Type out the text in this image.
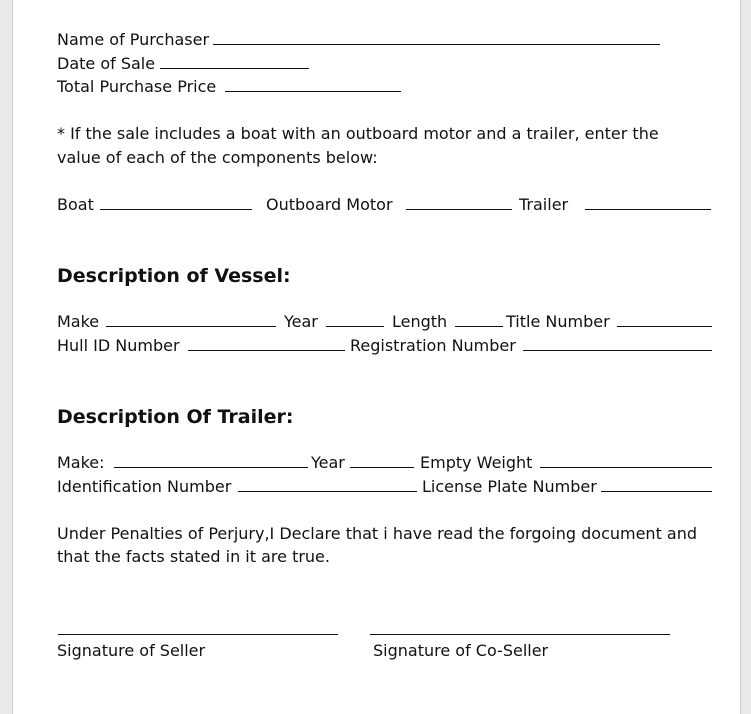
Name of Purchaser
Date of Sale
Total Purchase Price
* If the sale includes a boat with an outboard motor and a trailer, enter the
value of each of the components below:
Boat	Outboard Motor	Trailer
Description of Vessel:
Make	Year	Length	Title Number
Hull ID Number	Registration Number
Description Of Trailer:
Make:	Year	Empty Weight
Identification Number	License Plate Number
Under Penalties of Perjury,I Declare that i have read the forgoing document and
that the facts stated in it are true.
Signature of Seller	Signature of Co-Seller
